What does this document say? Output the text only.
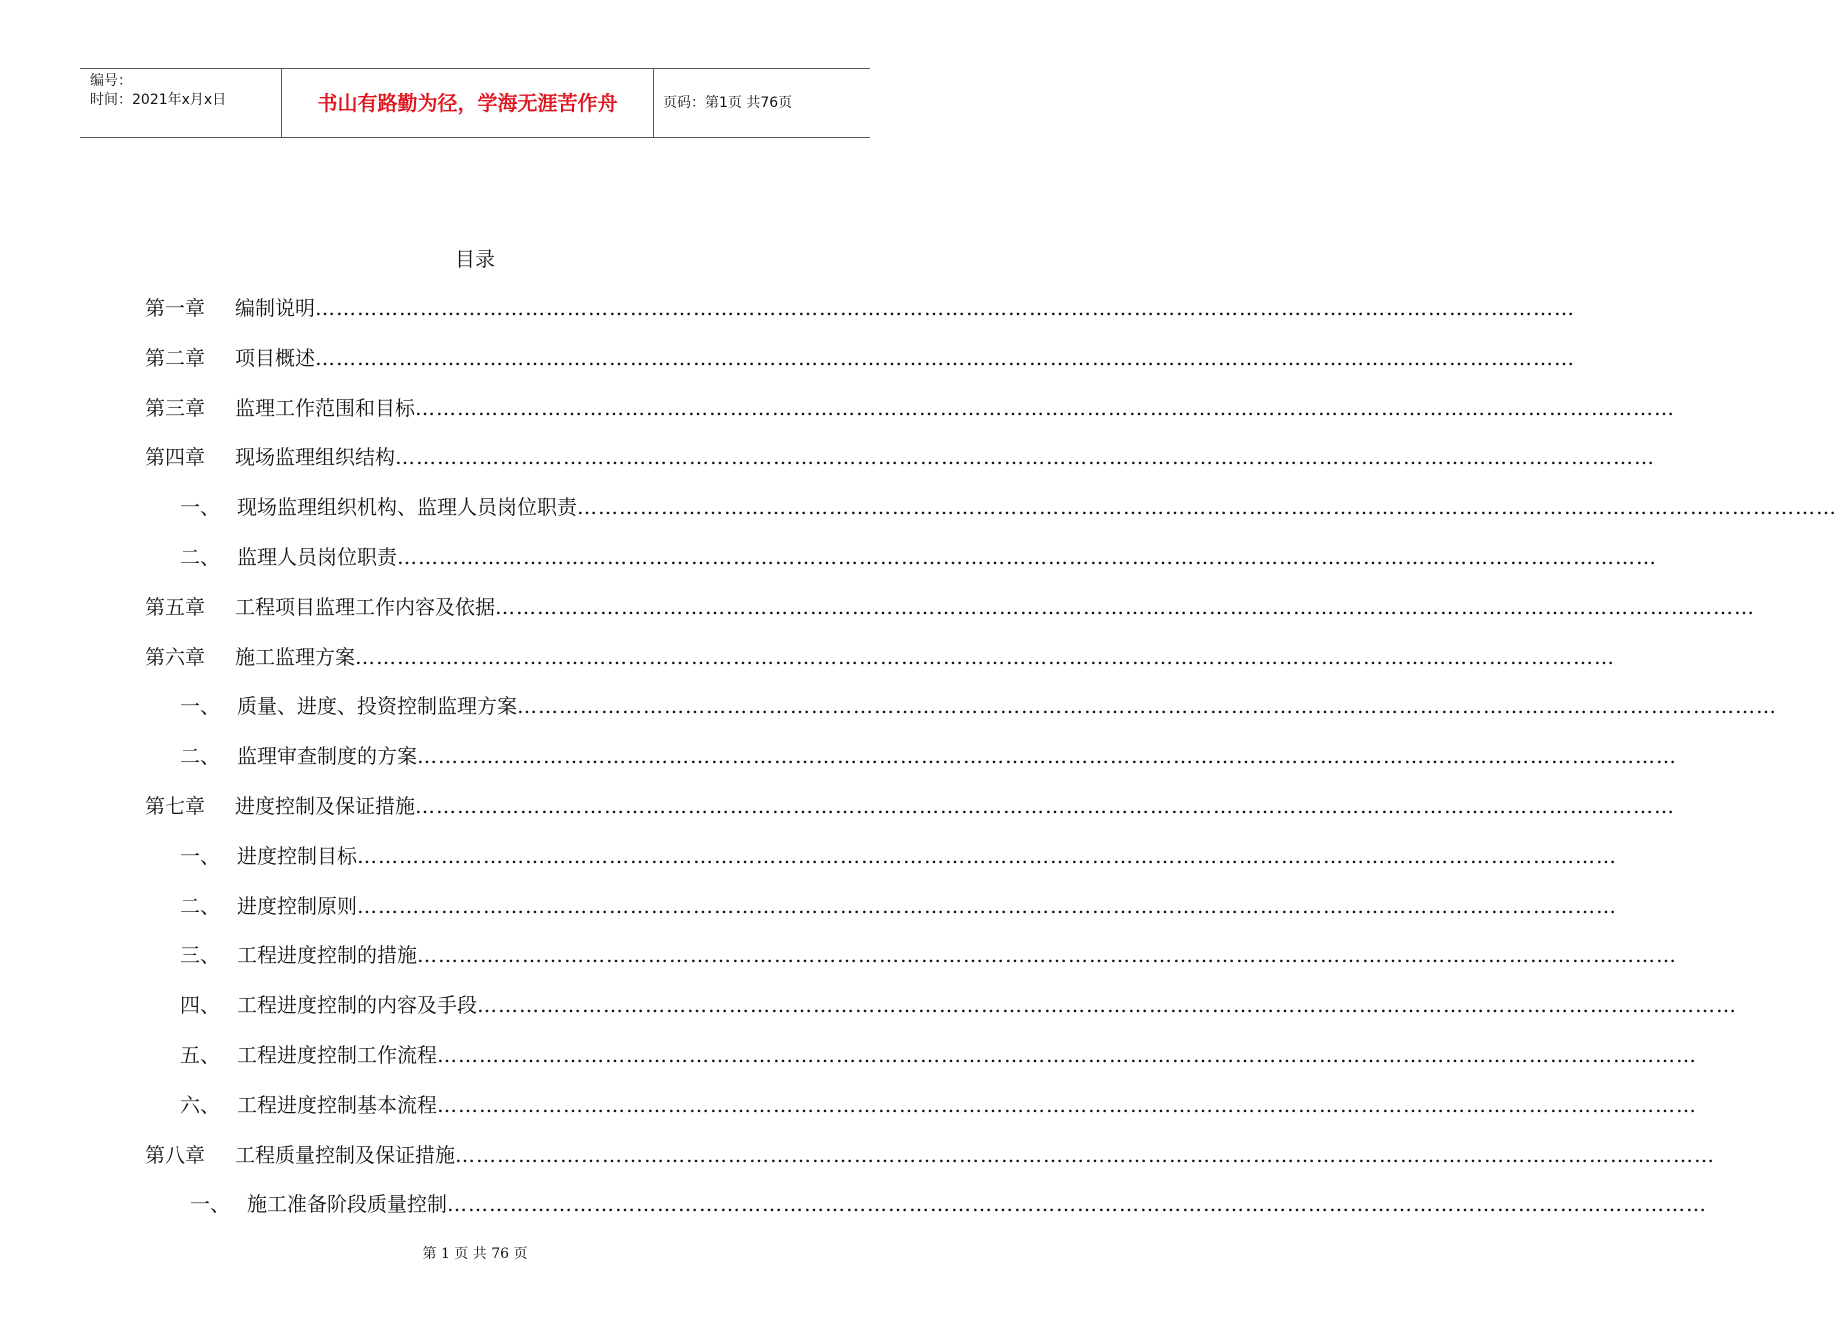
编号：
时间：2021年x月x日	书山有路勤为径，学海无涯苦作舟	页码：第1页 共76页
目录
第一章	编制说明 ………………………………………………………………………………………………………………………………………………………………
第二章	项目概述 ………………………………………………………………………………………………………………………………………………………………
第三章	监理工作范围和目标 ………………………………………………………………………………………………………………………………………………………………
第四章	现场监理组织结构 ………………………………………………………………………………………………………………………………………………………………
一、 现场监理组织机构、监理人员岗位职责 ………………………………………………………………………………………………………………………………………………………………
二、 监理人员岗位职责 ………………………………………………………………………………………………………………………………………………………………
第五章	工程项目监理工作内容及依据 ………………………………………………………………………………………………………………………………………………………………
第六章	施工监理方案 ………………………………………………………………………………………………………………………………………………………………
一、 质量、进度、投资控制监理方案 ………………………………………………………………………………………………………………………………………………………………
二、 监理审查制度的方案 ………………………………………………………………………………………………………………………………………………………………
第七章	进度控制及保证措施 ………………………………………………………………………………………………………………………………………………………………
一、 进度控制目标 ………………………………………………………………………………………………………………………………………………………………
二、 进度控制原则 ………………………………………………………………………………………………………………………………………………………………
三、 工程进度控制的措施 ………………………………………………………………………………………………………………………………………………………………
四、 工程进度控制的内容及手段 ………………………………………………………………………………………………………………………………………………………………
五、 工程进度控制工作流程 ………………………………………………………………………………………………………………………………………………………………
六、 工程进度控制基本流程 ………………………………………………………………………………………………………………………………………………………………
第八章	工程质量控制及保证措施 ………………………………………………………………………………………………………………………………………………………………
一、 施工准备阶段质量控制 ………………………………………………………………………………………………………………………………………………………………
第 1 页 共 76 页
